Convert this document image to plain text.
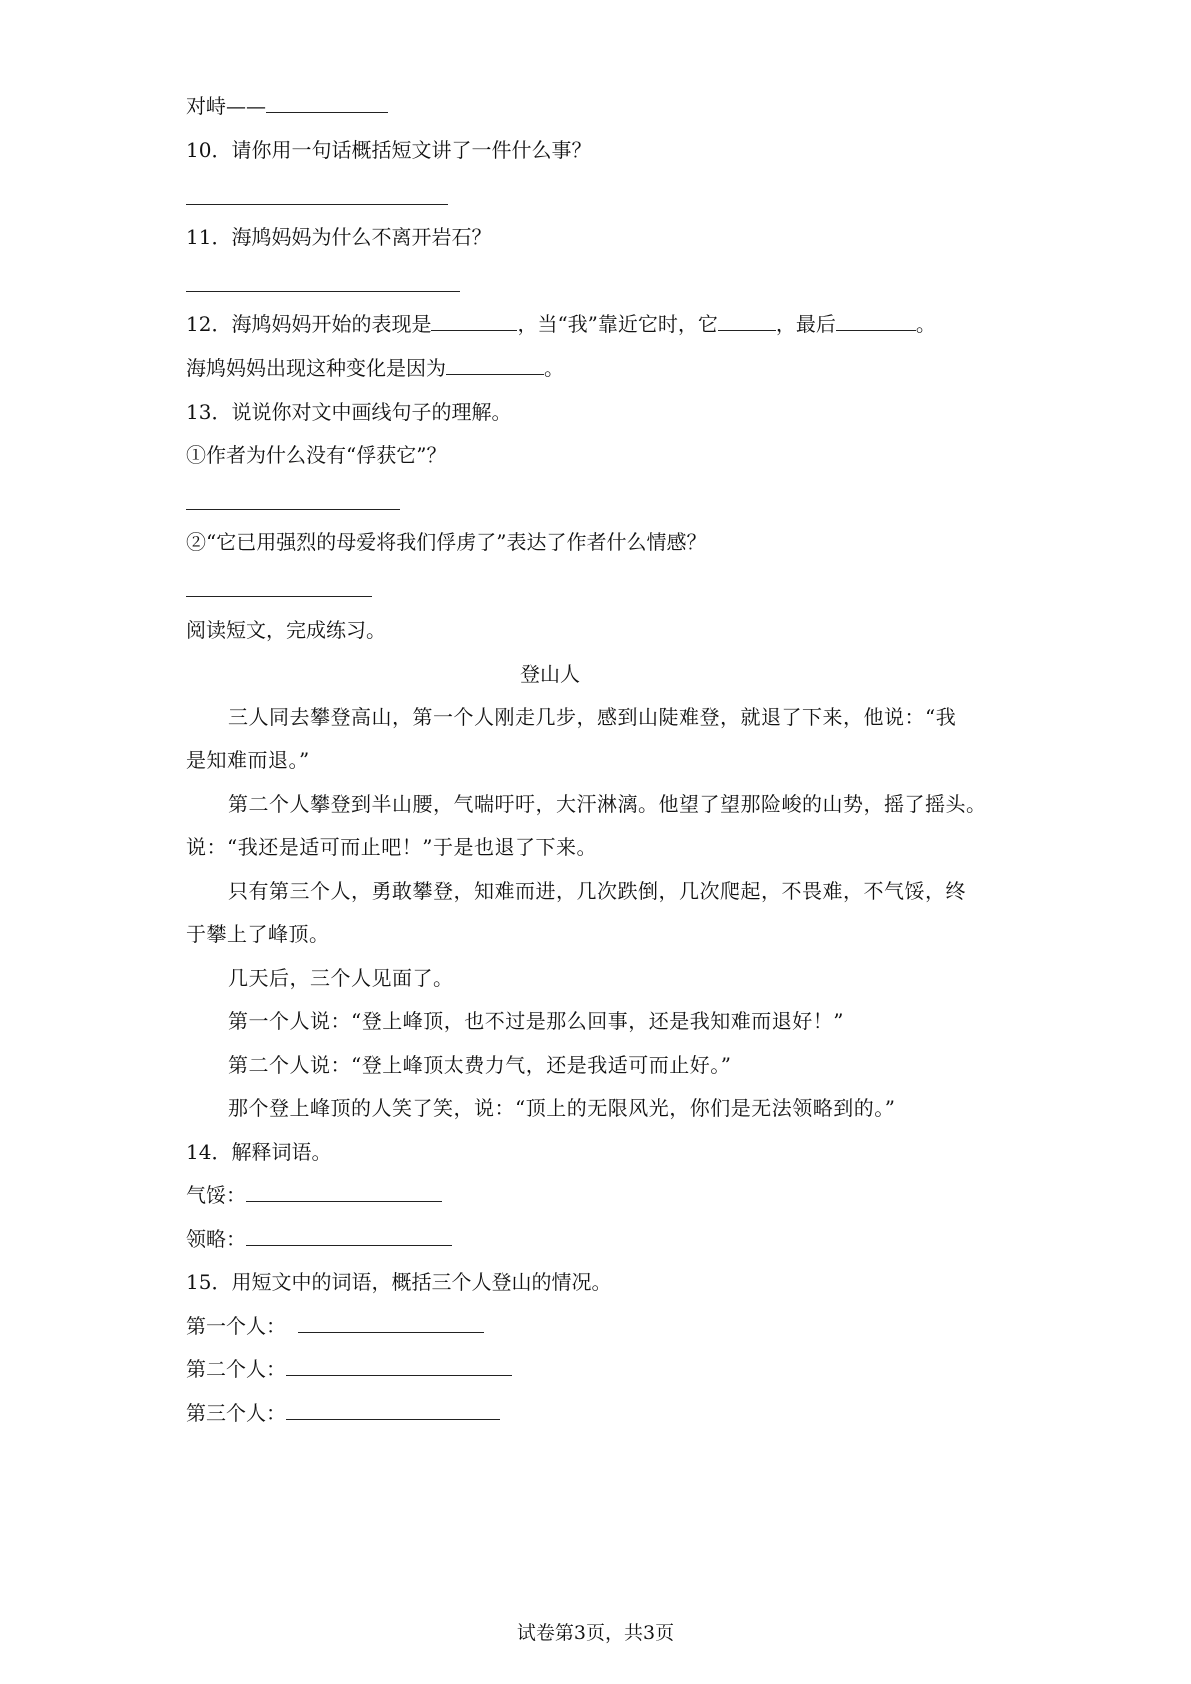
对峙——
10．请你用一句话概括短文讲了一件什么事？
11．海鸠妈妈为什么不离开岩石？
12．海鸠妈妈开始的表现是	，当“我”靠近它时，它	，最后	。
海鸠妈妈出现这种变化是因为	。
13．说说你对文中画线句子的理解。
①作者为什么没有“俘获它”？
②“它已用强烈的母爱将我们俘虏了”表达了作者什么情感？
阅读短文，完成练习。
登山人
三人同去攀登高山，第一个人刚走几步，感到山陡难登，就退了下来，他说：“我
是知难而退。”
第二个人攀登到半山腰，气喘吁吁，大汗淋漓。他望了望那险峻的山势，摇了摇头。
说：“我还是适可而止吧！”于是也退了下来。
只有第三个人，勇敢攀登，知难而进，几次跌倒，几次爬起，不畏难，不气馁，终
于攀上了峰顶。
几天后，三个人见面了。
第一个人说：“登上峰顶，也不过是那么回事，还是我知难而退好！”
第二个人说：“登上峰顶太费力气，还是我适可而止好。”
那个登上峰顶的人笑了笑，说：“顶上的无限风光，你们是无法领略到的。”
14．解释词语。
气馁：
领略：
15．用短文中的词语，概括三个人登山的情况。
第一个人：
第二个人：
第三个人：
试卷第3页，共3页
